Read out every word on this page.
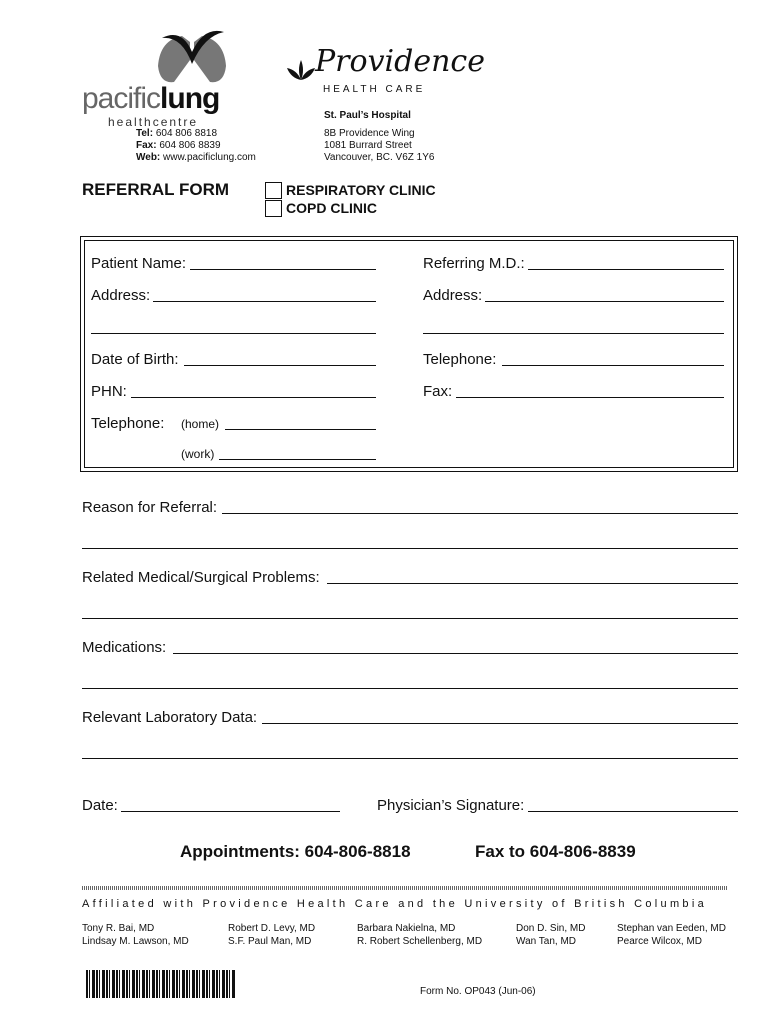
pacificlung
healthcentre
Providence
HEALTH CARE
St. Paul’s Hospital
Tel: 604 806 8818
Fax: 604 806 8839
Web: www.pacificlung.com
8B Providence Wing
1081 Burrard Street
Vancouver, BC. V6Z 1Y6
REFERRAL FORM	RESPIRATORY CLINIC
COPD CLINIC
Patient Name:	Referring M.D.:
Address:	Address:
Date of Birth:	Telephone:
PHN:	Fax:
Telephone: (home)
(work)
Reason for Referral:
Related Medical/Surgical Problems:
Medications:
Relevant Laboratory Data:
Date:	Physician’s Signature:
Appointments: 604-806-8818	Fax to 604-806-8839
Affiliated with Providence Health Care and the University of British Columbia
Tony R. Bai, MD
Lindsay M. Lawson, MD
Robert D. Levy, MD
S.F. Paul Man, MD
Barbara Nakielna, MD
R. Robert Schellenberg, MD
Don D. Sin, MD
Wan Tan, MD
Stephan van Eeden, MD
Pearce Wilcox, MD
Form No. OP043 (Jun-06)
